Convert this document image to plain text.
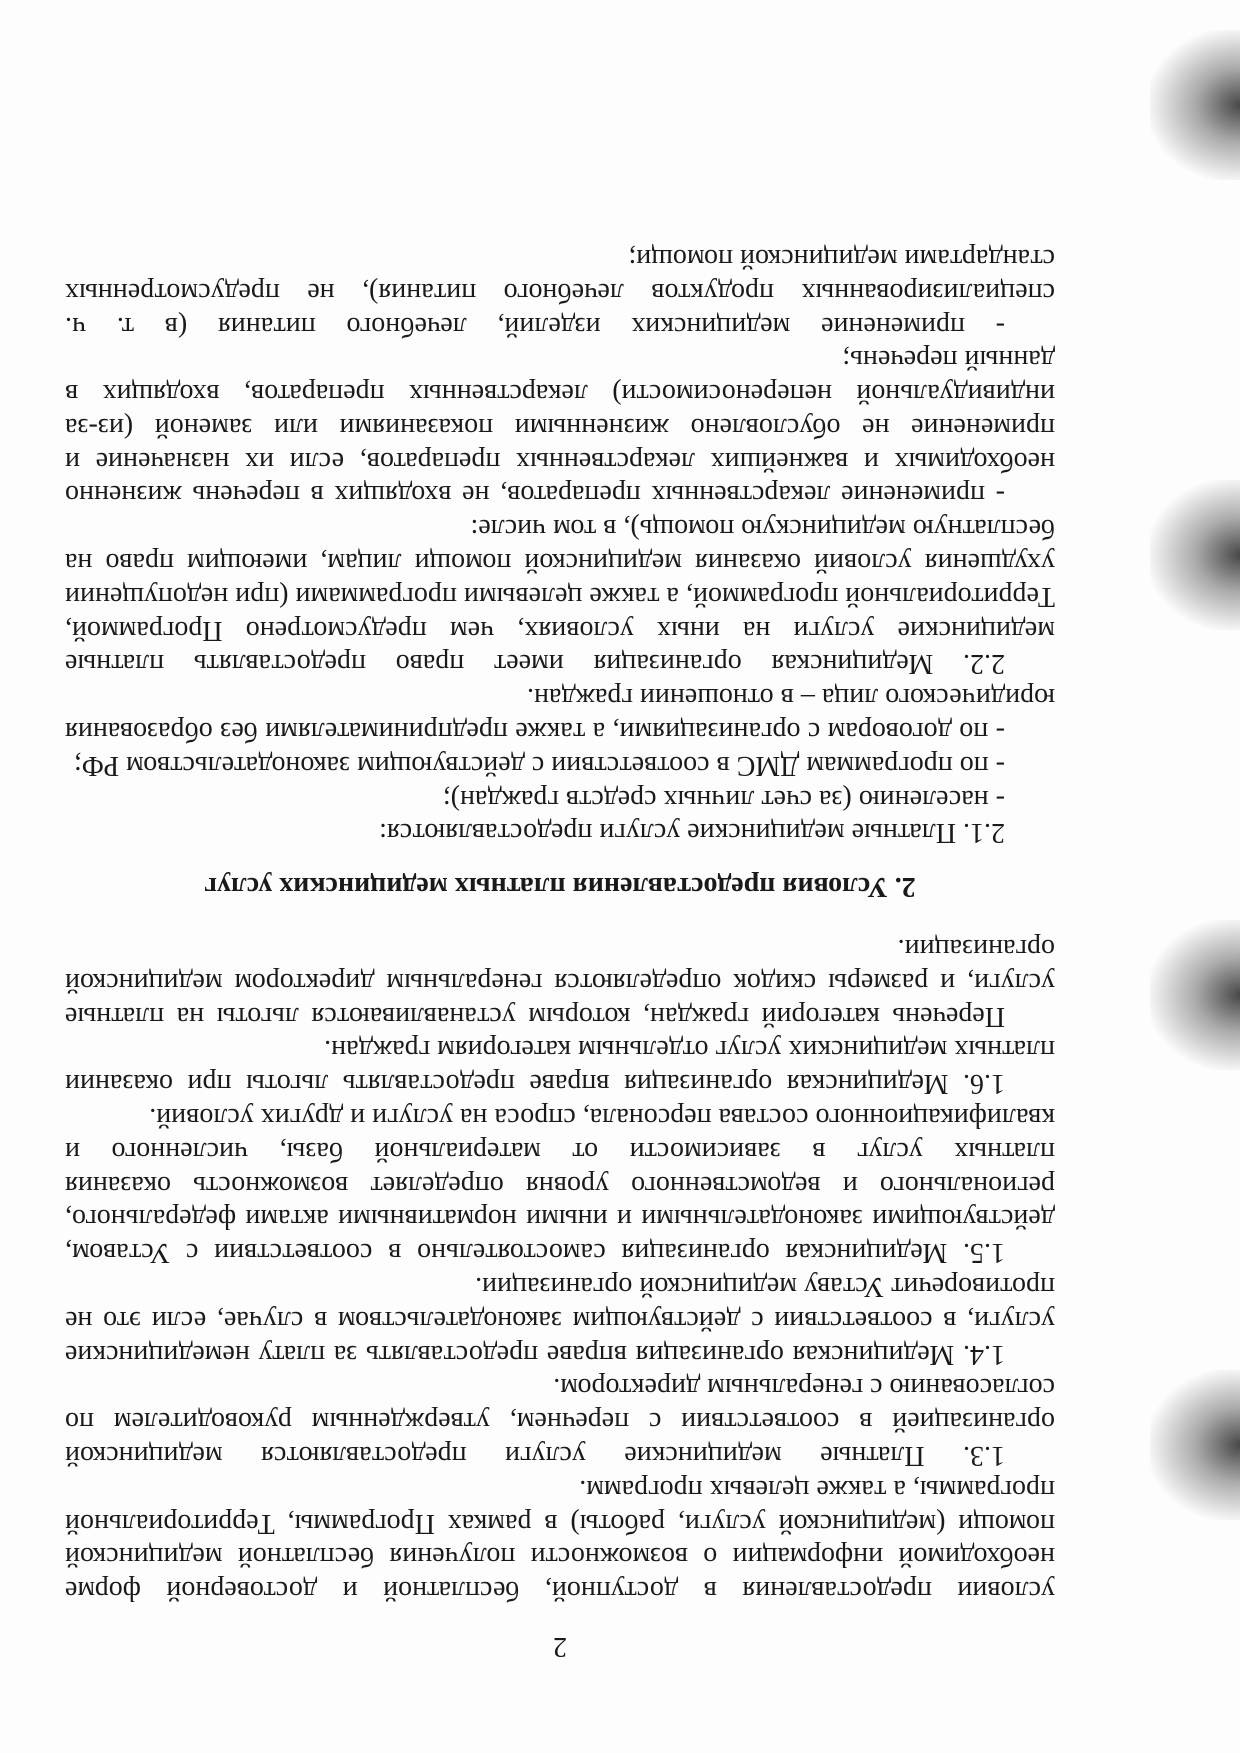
2

условии предоставления в доступной, бесплатной и достоверной форме необходимой информации о возможности получения бесплатной медицинской помощи (медицинской услуги, работы) в рамках Программы, Территориальной программы, а также целевых программ.

1.3. Платные медицинские услуги предоставляются медицинской организацией в соответствии с перечнем, утвержденным руководителем по согласованию с генеральным директором.

1.4. Медицинская организация вправе предоставлять за плату немедицинские услуги, в соответствии с действующим законодательством в случае, если это не противоречит Уставу медицинской организации.

1.5. Медицинская организация самостоятельно в соответствии с Уставом, действующими законодательными и иными нормативными актами федерального, регионального и ведомственного уровня определяет возможность оказания платных услуг в зависимости от материальной базы, численного и квалификационного состава персонала, спроса на услуги и других условий.

1.6. Медицинская организация вправе предоставлять льготы при оказании платных медицинских услуг отдельным категориям граждан.

Перечень категорий граждан, которым устанавливаются льготы на платные услуги, и размеры скидок определяются генеральным директором медицинской организации.

2. Условия предоставления платных медицинских услуг

2.1. Платные медицинские услуги предоставляются:

- населению (за счет личных средств граждан);

- по программам ДМС в соответствии с действующим законодательством РФ;

- по договорам с организациями, а также предпринимателями без образования юридического лица – в отношении граждан.

2.2. Медицинская организация имеет право предоставлять платные медицинские услуги на иных условиях, чем предусмотрено Программой, Территориальной программой, а также целевыми программами (при недопущении ухудшения условий оказания медицинской помощи лицам, имеющим право на бесплатную медицинскую помощь), в том числе:

- применение лекарственных препаратов, не входящих в перечень жизненно необходимых и важнейших лекарственных препаратов, если их назначение и применение не обусловлено жизненными показаниями или заменой (из-за индивидуальной непереносимости) лекарственных препаратов, входящих в данный перечень;

- применение медицинских изделий, лечебного питания (в т. ч. специализированных продуктов лечебного питания), не предусмотренных стандартами медицинской помощи;
